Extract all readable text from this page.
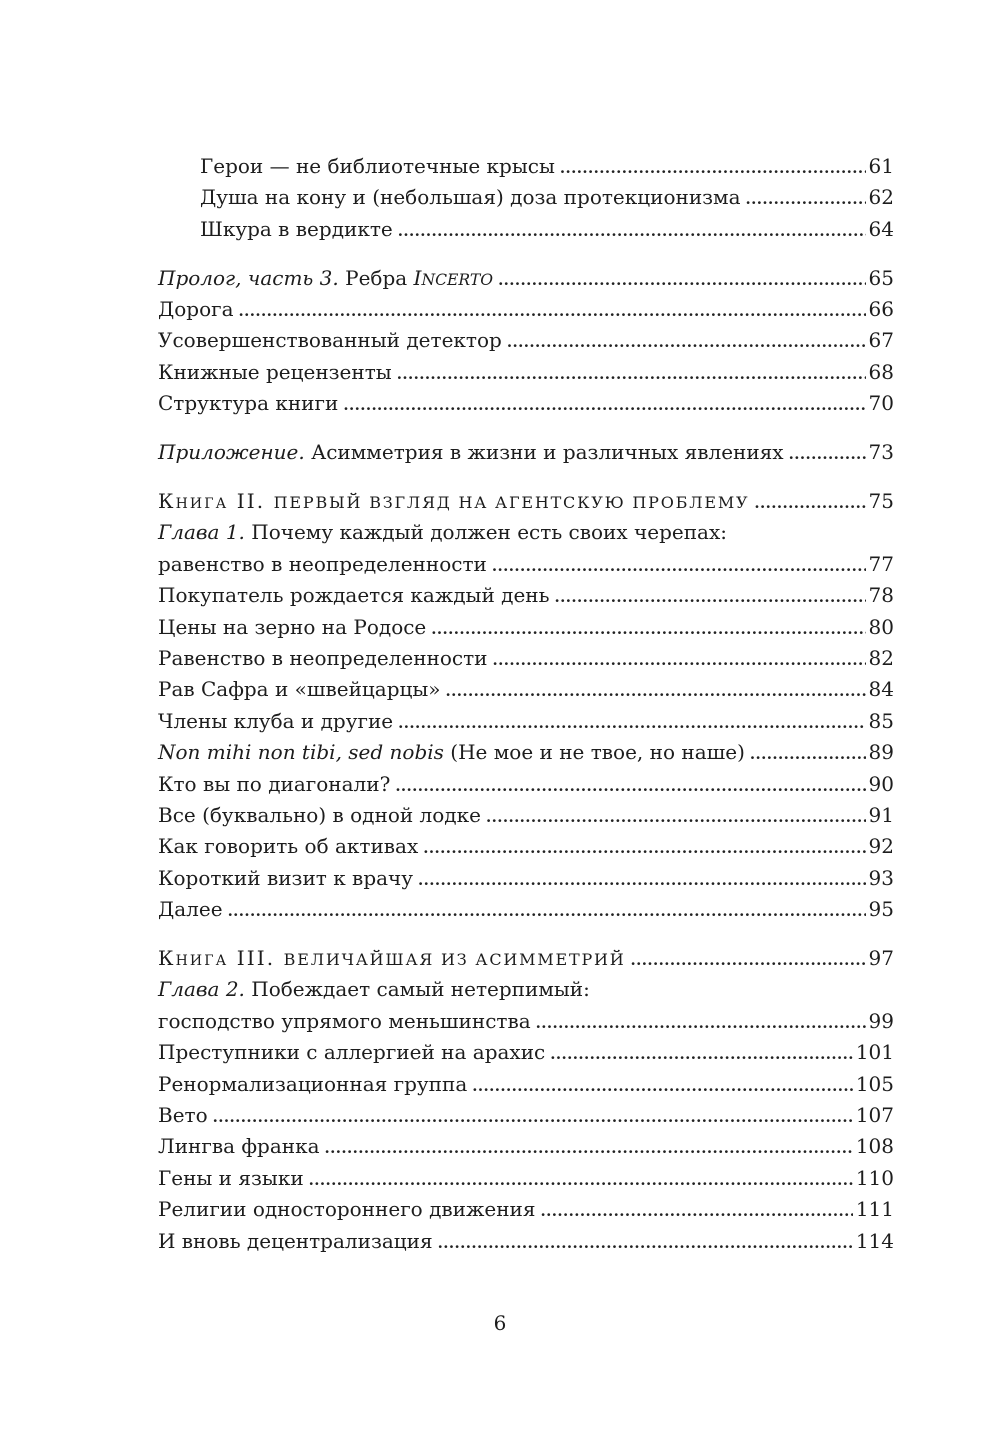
Герои — не библиотечные крысы .....	61
Душа на кону и (небольшая) доза протекционизма .....	62
Шкура в вердикте .....	64
Пролог, часть 3. Ребра INCERTO .....	65
Дорога .....	66
Усовершенствованный детектор .....	67
Книжные рецензенты .....	68
Структура книги .....	70
Приложение. Асимметрия в жизни и различных явлениях .....	73
Книга II. ПЕРВЫЙ ВЗГЛЯД НА АГЕНТСКУЮ ПРОБЛЕМУ .....	75
Глава 1. Почему каждый должен есть своих черепах:
равенство в неопределенности .....	77
Покупатель рождается каждый день .....	78
Цены на зерно на Родосе .....	80
Равенство в неопределенности .....	82
Рав Сафра и «швейцарцы» .....	84
Члены клуба и другие .....	85
Non mihi non tibi, sed nobis (Не мое и не твое, но наше) .....	89
Кто вы по диагонали? .....	90
Все (буквально) в одной лодке .....	91
Как говорить об активах .....	92
Короткий визит к врачу .....	93
Далее .....	95
Книга III. ВЕЛИЧАЙШАЯ ИЗ АСИММЕТРИЙ .....	97
Глава 2. Побеждает самый нетерпимый:
господство упрямого меньшинства .....	99
Преступники с аллергией на арахис .....	101
Ренормализационная группа .....	105
Вето .....	107
Лингва франка .....	108
Гены и языки .....	110
Религии одностороннего движения .....	111
И вновь децентрализация .....	114
6
